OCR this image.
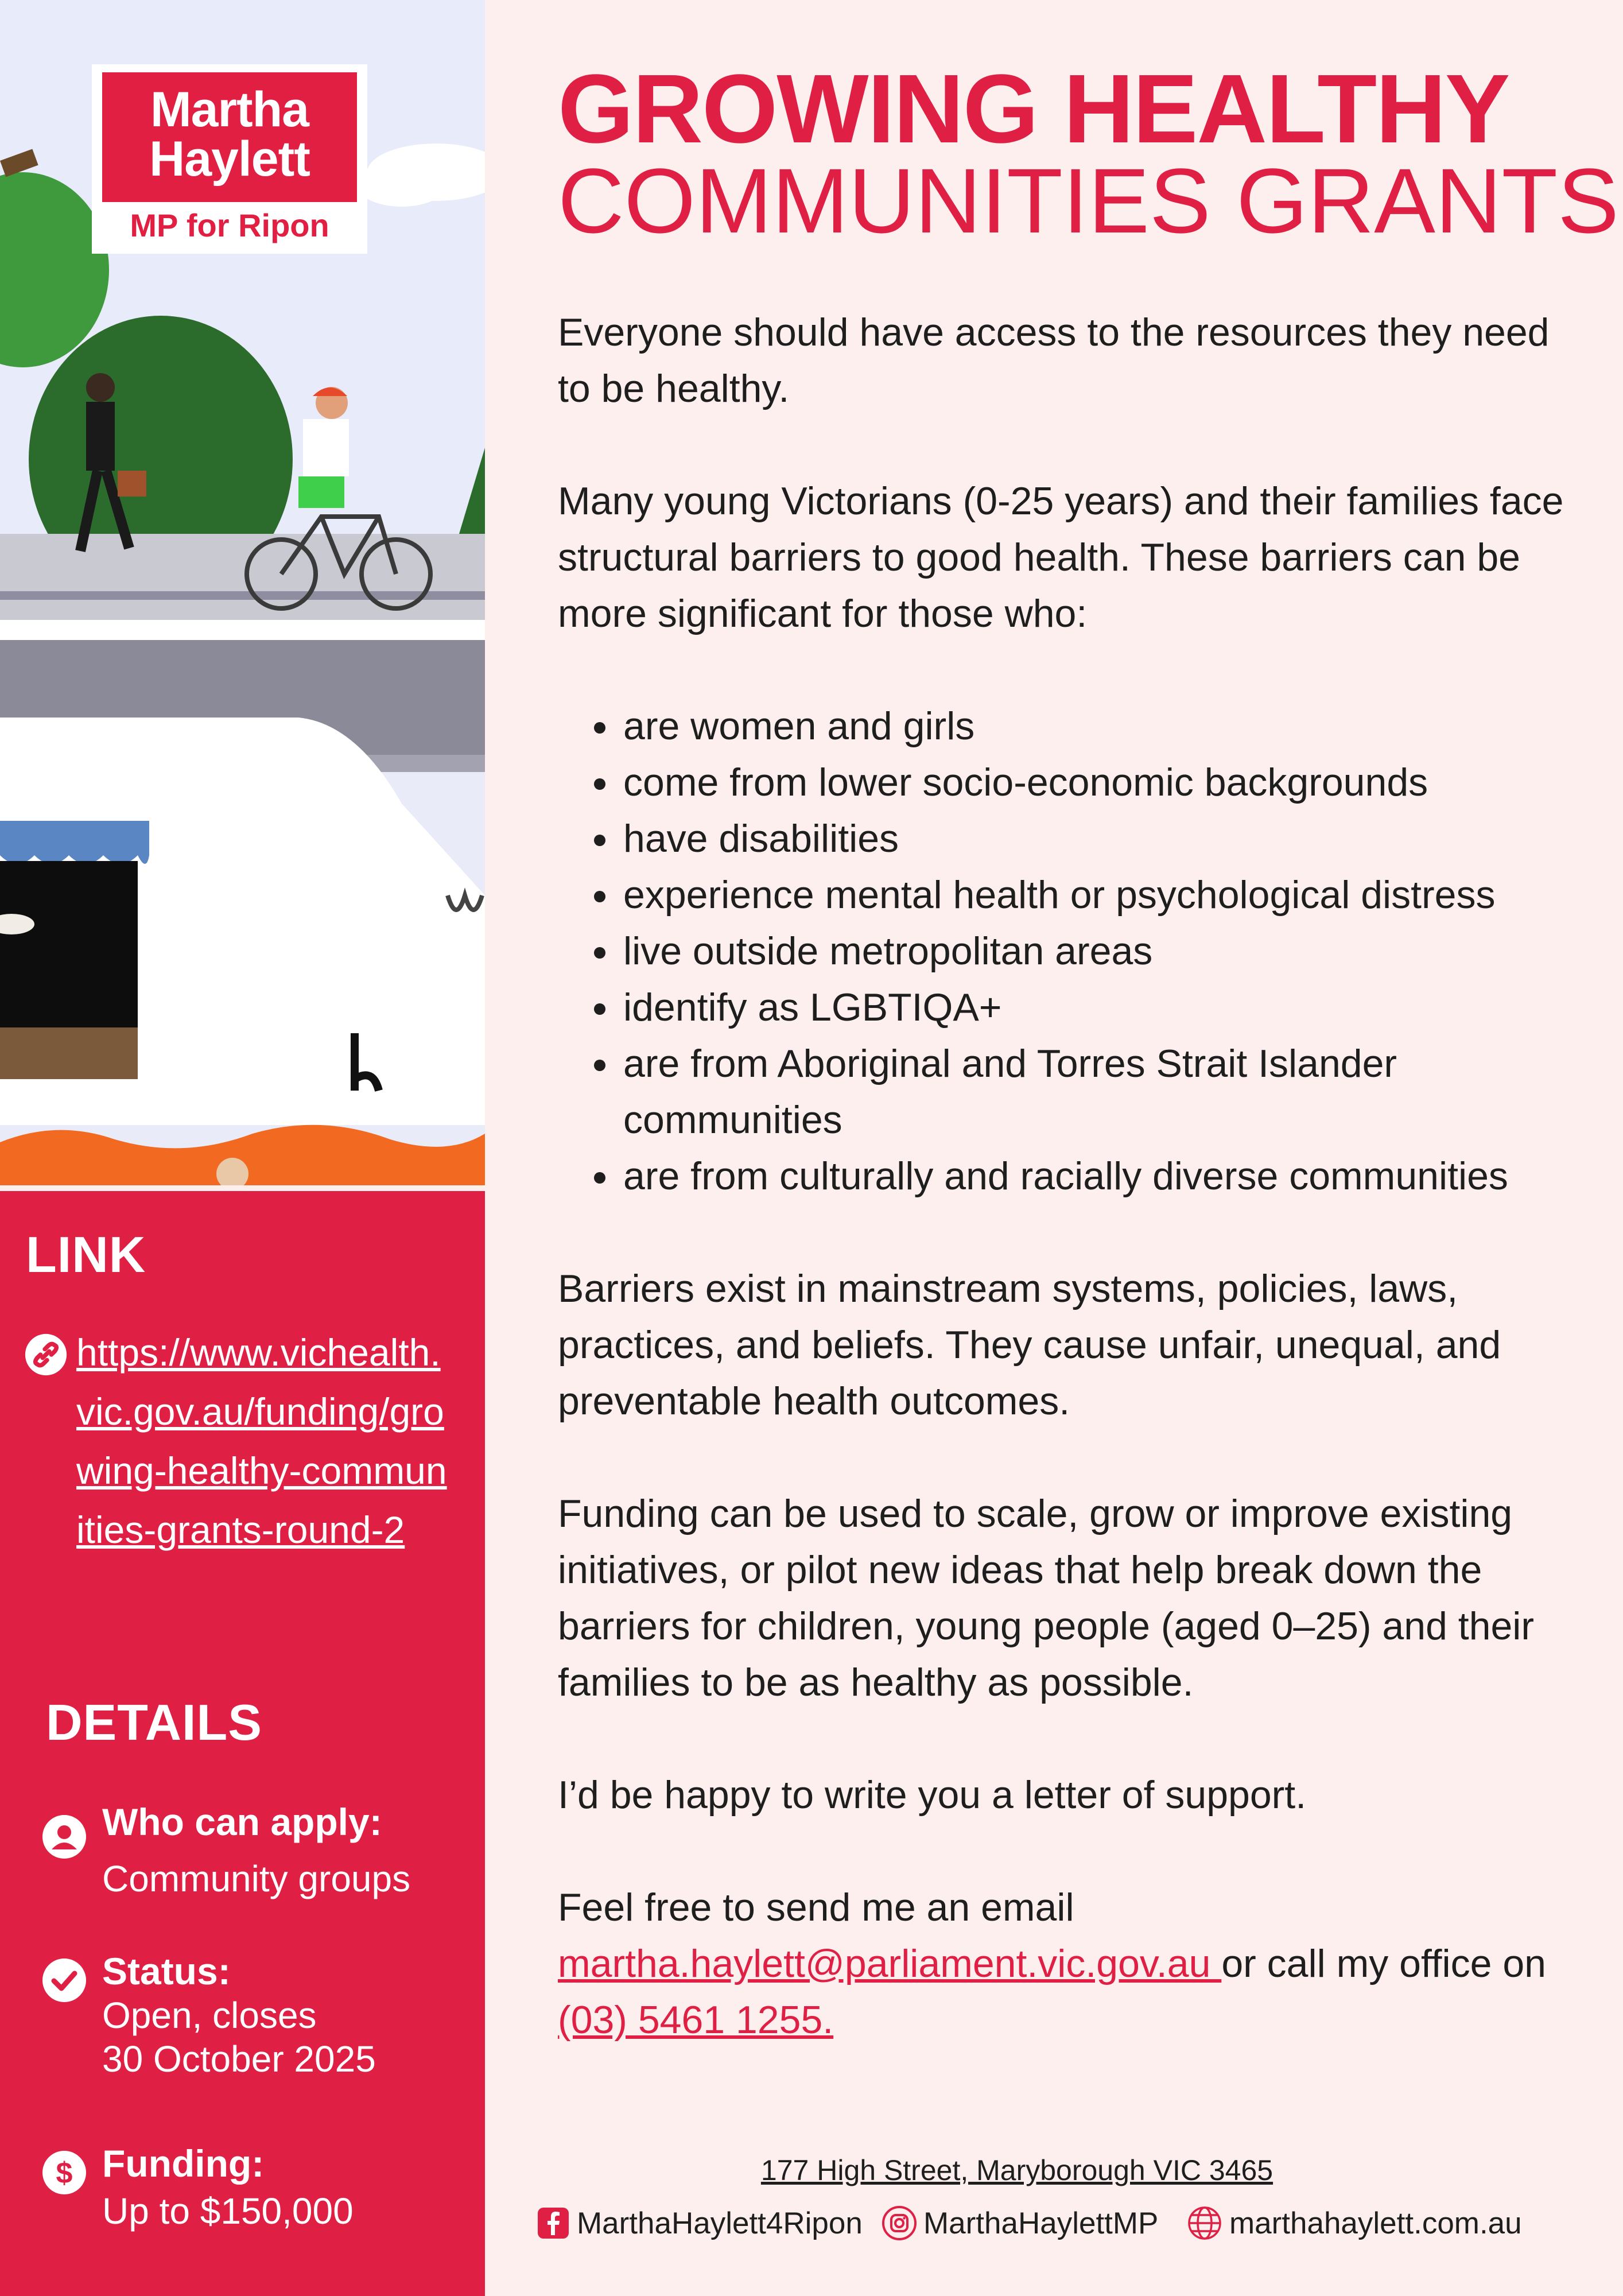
Martha
Haylett
MP for Ripon
LINK
https://www.vichealth.vic.gov.au/funding/growing-healthy-communities-grants-round-2
DETAILS
Who can apply:
Community groups
Status:
Open, closes
30 October 2025
$ Funding:
Up to $150,000
GROWING HEALTHY
COMMUNITIES GRANTS

Everyone should have access to the resources they need to be healthy.

Many young Victorians (0-25 years) and their families face structural barriers to good health. These barriers can be more significant for those who:

• are women and girls
• come from lower socio-economic backgrounds
• have disabilities
• experience mental health or psychological distress
• live outside metropolitan areas
• identify as LGBTIQA+
• are from Aboriginal and Torres Strait Islander communities
• are from culturally and racially diverse communities

Barriers exist in mainstream systems, policies, laws, practices, and beliefs. They cause unfair, unequal, and preventable health outcomes.

Funding can be used to scale, grow or improve existing initiatives, or pilot new ideas that help break down the barriers for children, young people (aged 0–25) and their families to be as healthy as possible.

I’d be happy to write you a letter of support.

Feel free to send me an email
martha.haylett@parliament.vic.gov.au or call my office on (03) 5461 1255.

177 High Street, Maryborough VIC 3465
MarthaHaylett4Ripon MarthaHaylettMP marthahaylett.com.au
